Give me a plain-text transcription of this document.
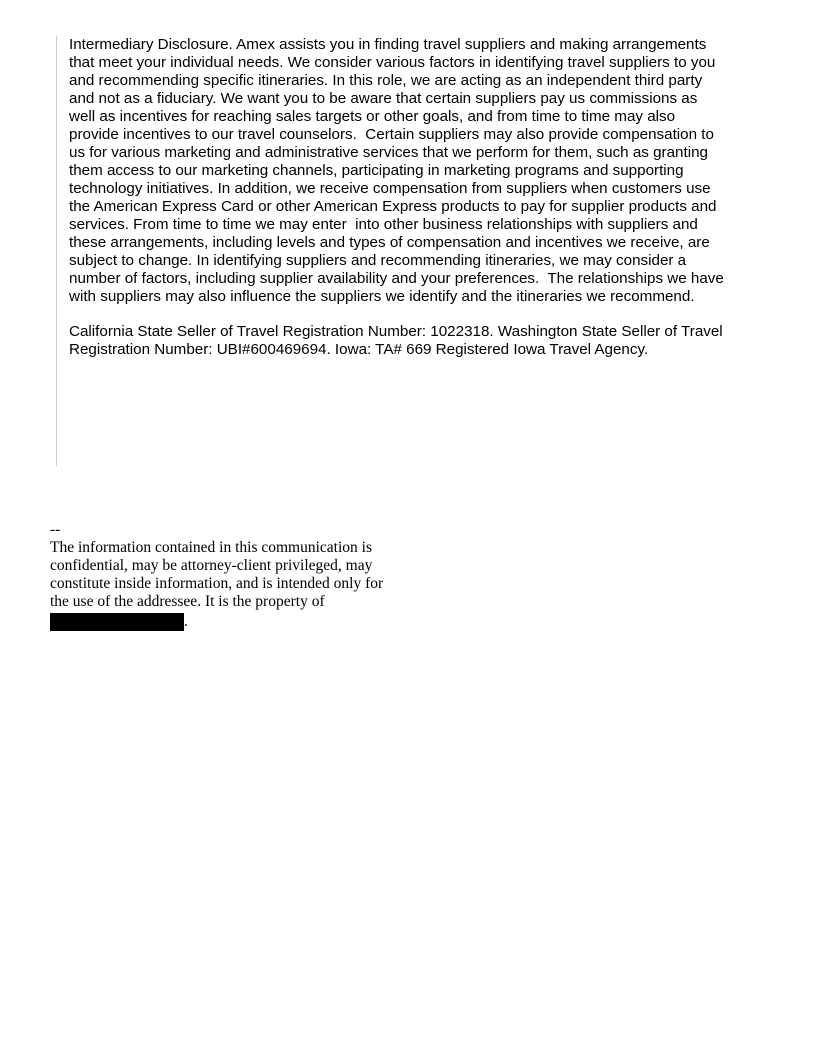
Intermediary Disclosure. Amex assists you in finding travel suppliers and making arrangements

that meet your individual needs. We consider various factors in identifying travel suppliers to you

and recommending specific itineraries. In this role, we are acting as an independent third party

and not as a fiduciary. We want you to be aware that certain suppliers pay us commissions as

well as incentives for reaching sales targets or other goals, and from time to time may also

provide incentives to our travel counselors.  Certain suppliers may also provide compensation to

us for various marketing and administrative services that we perform for them, such as granting

them access to our marketing channels, participating in marketing programs and supporting

technology initiatives. In addition, we receive compensation from suppliers when customers use

the American Express Card or other American Express products to pay for supplier products and

services. From time to time we may enter  into other business relationships with suppliers and

these arrangements, including levels and types of compensation and incentives we receive, are

subject to change. In identifying suppliers and recommending itineraries, we may consider a

number of factors, including supplier availability and your preferences.  The relationships we have

with suppliers may also influence the suppliers we identify and the itineraries we recommend.

California State Seller of Travel Registration Number: 1022318. Washington State Seller of Travel

Registration Number: UBI#600469694. Iowa: TA# 669 Registered Iowa Travel Agency.

--

The information contained in this communication is

confidential, may be attorney-client privileged, may

constitute inside information, and is intended only for

the use of the addressee. It is the property of

.
